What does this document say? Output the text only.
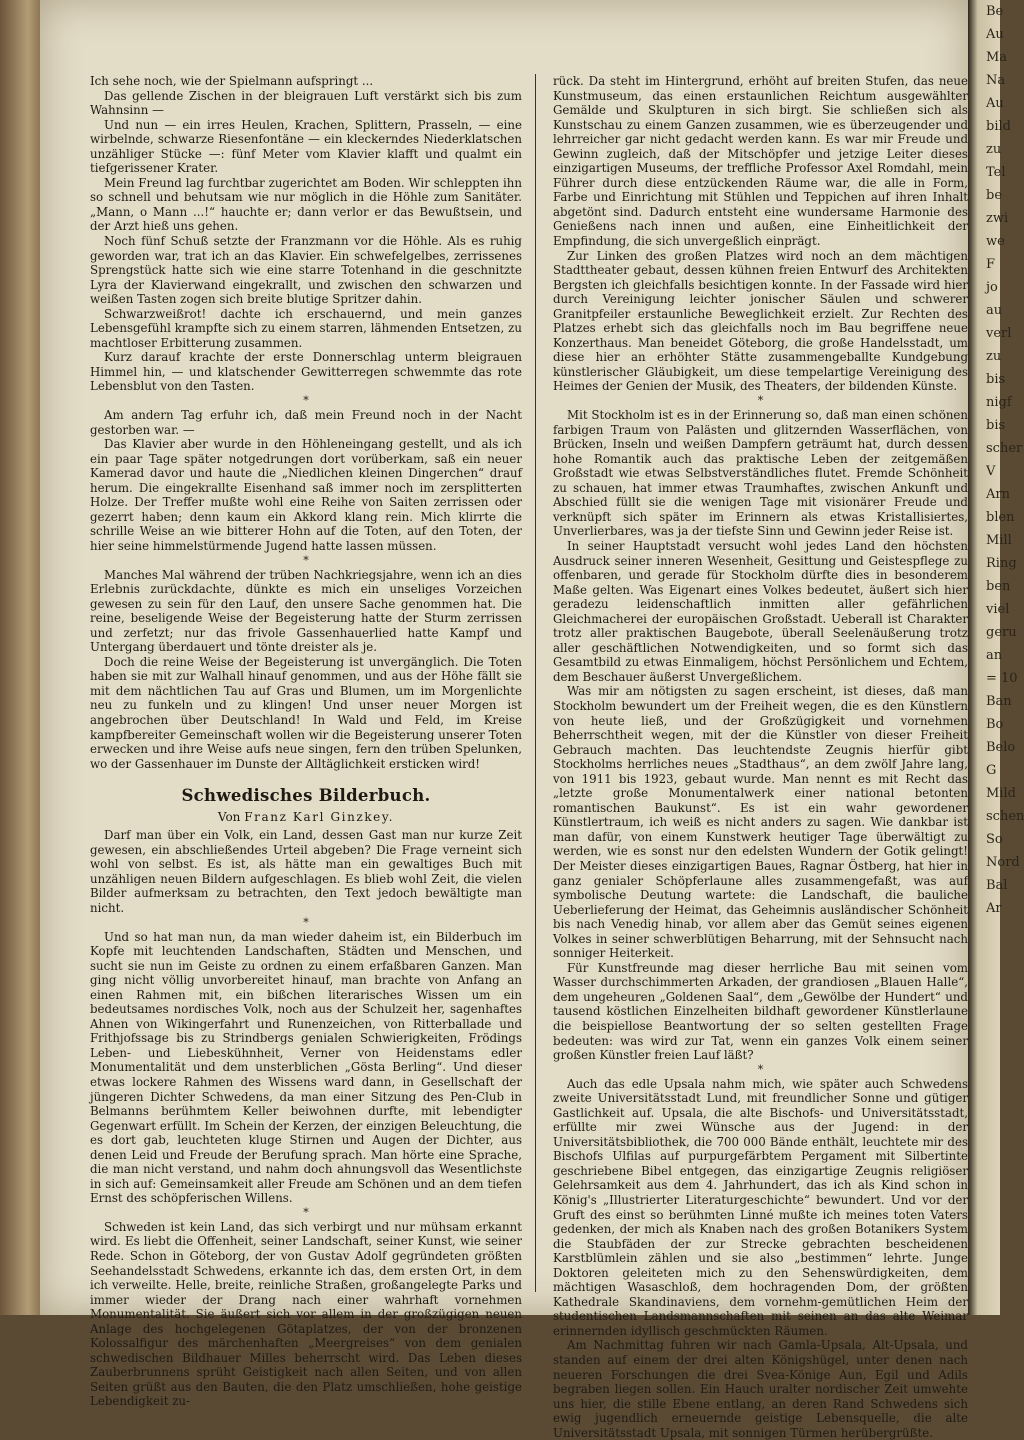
Ich sehe noch, wie der Spielmann aufspringt ...

Das gellende Zischen in der bleigrauen Luft verstärkt sich bis zum Wahnsinn —

Und nun — ein irres Heulen, Krachen, Splittern, Prasseln, — eine wirbelnde, schwarze Riesenfontäne — ein kleckerndes Niederklatschen unzähliger Stücke —: fünf Meter vom Klavier klafft und qualmt ein tiefgerissener Krater.

Mein Freund lag furchtbar zugerichtet am Boden. Wir schleppten ihn so schnell und behutsam wie nur möglich in die Höhle zum Sanitäter. „Mann, o Mann ...!“ hauchte er; dann verlor er das Bewußtsein, und der Arzt hieß uns gehen.

Noch fünf Schuß setzte der Franzmann vor die Höhle. Als es ruhig geworden war, trat ich an das Klavier. Ein schwefelgelbes, zerrissenes Sprengstück hatte sich wie eine starre Totenhand in die geschnitzte Lyra der Klavierwand eingekrallt, und zwischen den schwarzen und weißen Tasten zogen sich breite blutige Spritzer dahin.

Schwarzweißrot! dachte ich erschauernd, und mein ganzes Lebensgefühl krampfte sich zu einem starren, lähmenden Entsetzen, zu machtloser Erbitterung zusammen.

Kurz darauf krachte der erste Donnerschlag unterm bleigrauen Himmel hin, — und klatschender Gewitterregen schwemmte das rote Lebensblut von den Tasten.

*

Am andern Tag erfuhr ich, daß mein Freund noch in der Nacht gestorben war. —

Das Klavier aber wurde in den Höhleneingang gestellt, und als ich ein paar Tage später notgedrungen dort vorüberkam, saß ein neuer Kamerad davor und haute die „Niedlichen kleinen Dingerchen“ drauf herum. Die eingekrallte Eisenhand saß immer noch im zersplitterten Holze. Der Treffer mußte wohl eine Reihe von Saiten zerrissen oder gezerrt haben; denn kaum ein Akkord klang rein. Mich klirrte die schrille Weise an wie bitterer Hohn auf die Toten, auf den Toten, der hier seine himmelstürmende Jugend hatte lassen müssen.

*

Manches Mal während der trüben Nachkriegsjahre, wenn ich an dies Erlebnis zurückdachte, dünkte es mich ein unseliges Vorzeichen gewesen zu sein für den Lauf, den unsere Sache genommen hat. Die reine, beseligende Weise der Begeisterung hatte der Sturm zerrissen und zerfetzt; nur das frivole Gassenhauerlied hatte Kampf und Untergang überdauert und tönte dreister als je.

Doch die reine Weise der Begeisterung ist unvergänglich. Die Toten haben sie mit zur Walhall hinauf genommen, und aus der Höhe fällt sie mit dem nächtlichen Tau auf Gras und Blumen, um im Morgenlichte neu zu funkeln und zu klingen! Und unser neuer Morgen ist angebrochen über Deutschland! In Wald und Feld, im Kreise kampfbereiter Gemeinschaft wollen wir die Begeisterung unserer Toten erwecken und ihre Weise aufs neue singen, fern den trüben Spelunken, wo der Gassenhauer im Dunste der Alltäglichkeit ersticken wird!

Schwedisches Bilderbuch.
Von Franz Karl Ginzkey.

Darf man über ein Volk, ein Land, dessen Gast man nur kurze Zeit gewesen, ein abschließendes Urteil abgeben? Die Frage verneint sich wohl von selbst. Es ist, als hätte man ein gewaltiges Buch mit unzähligen neuen Bildern aufgeschlagen. Es blieb wohl Zeit, die vielen Bilder aufmerksam zu betrachten, den Text jedoch bewältigte man nicht.

*

Und so hat man nun, da man wieder daheim ist, ein Bilderbuch im Kopfe mit leuchtenden Landschaften, Städten und Menschen, und sucht sie nun im Geiste zu ordnen zu einem erfaßbaren Ganzen. Man ging nicht völlig unvorbereitet hinauf, man brachte von Anfang an einen Rahmen mit, ein bißchen literarisches Wissen um ein bedeutsames nordisches Volk, noch aus der Schulzeit her, sagenhaftes Ahnen von Wikingerfahrt und Runenzeichen, von Ritterballade und Frithjofssage bis zu Strindbergs genialen Schwierigkeiten, Frödings Leben- und Liebeskühnheit, Verner von Heidenstams edler Monumentalität und dem unsterblichen „Gösta Berling“. Und dieser etwas lockere Rahmen des Wissens ward dann, in Gesellschaft der jüngeren Dichter Schwedens, da man einer Sitzung des Pen-Club in Belmanns berühmtem Keller beiwohnen durfte, mit lebendigter Gegenwart erfüllt. Im Schein der Kerzen, der einzigen Beleuchtung, die es dort gab, leuchteten kluge Stirnen und Augen der Dichter, aus denen Leid und Freude der Berufung sprach. Man hörte eine Sprache, die man nicht verstand, und nahm doch ahnungsvoll das Wesentlichste in sich auf: Gemeinsamkeit aller Freude am Schönen und an dem tiefen Ernst des schöpferischen Willens.

*

Schweden ist kein Land, das sich verbirgt und nur mühsam erkannt wird. Es liebt die Offenheit, seiner Landschaft, seiner Kunst, wie seiner Rede. Schon in Göteborg, der von Gustav Adolf gegründeten größten Seehandelsstadt Schwedens, erkannte ich das, dem ersten Ort, in dem ich verweilte. Helle, breite, reinliche Straßen, großangelegte Parks und immer wieder der Drang nach einer wahrhaft vornehmen Monumentalität. Sie äußert sich vor allem in der großzügigen neuen Anlage des hochgelegenen Götaplatzes, der von der bronzenen Kolossalfigur des märchenhaften „Meergreises“ von dem genialen schwedischen Bildhauer Milles beherrscht wird. Das Leben dieses Zauberbrunnens sprüht Geistigkeit nach allen Seiten, und von allen Seiten grüßt aus den Bauten, die den Platz umschließen, hohe geistige Lebendigkeit zu-

rück. Da steht im Hintergrund, erhöht auf breiten Stufen, das neue Kunstmuseum, das einen erstaunlichen Reichtum ausgewählter Gemälde und Skulpturen in sich birgt. Sie schließen sich als Kunstschau zu einem Ganzen zusammen, wie es überzeugender und lehrreicher gar nicht gedacht werden kann. Es war mir Freude und Gewinn zugleich, daß der Mitschöpfer und jetzige Leiter dieses einzigartigen Museums, der treffliche Professor Axel Romdahl, mein Führer durch diese entzückenden Räume war, die alle in Form, Farbe und Einrichtung mit Stühlen und Teppichen auf ihren Inhalt abgetönt sind. Dadurch entsteht eine wundersame Harmonie des Genießens nach innen und außen, eine Einheitlichkeit der Empfindung, die sich unvergeßlich einprägt.

Zur Linken des großen Platzes wird noch an dem mächtigen Stadttheater gebaut, dessen kühnen freien Entwurf des Architekten Bergsten ich gleichfalls besichtigen konnte. In der Fassade wird hier durch Vereinigung leichter jonischer Säulen und schwerer Granitpfeiler erstaunliche Beweglichkeit erzielt. Zur Rechten des Platzes erhebt sich das gleichfalls noch im Bau begriffene neue Konzerthaus. Man beneidet Göteborg, die große Handelsstadt, um diese hier an erhöhter Stätte zusammengeballte Kundgebung künstlerischer Gläubigkeit, um diese tempelartige Vereinigung des Heimes der Genien der Musik, des Theaters, der bildenden Künste.

*

Mit Stockholm ist es in der Erinnerung so, daß man einen schönen farbigen Traum von Palästen und glitzernden Wasserflächen, von Brücken, Inseln und weißen Dampfern geträumt hat, durch dessen hohe Romantik auch das praktische Leben der zeitgemäßen Großstadt wie etwas Selbstverständliches flutet. Fremde Schönheit zu schauen, hat immer etwas Traumhaftes, zwischen Ankunft und Abschied füllt sie die wenigen Tage mit visionärer Freude und verknüpft sich später im Erinnern als etwas Kristallisiertes, Unverlierbares, was ja der tiefste Sinn und Gewinn jeder Reise ist.

In seiner Hauptstadt versucht wohl jedes Land den höchsten Ausdruck seiner inneren Wesenheit, Gesittung und Geistespflege zu offenbaren, und gerade für Stockholm dürfte dies in besonderem Maße gelten. Was Eigenart eines Volkes bedeutet, äußert sich hier geradezu leidenschaftlich inmitten aller gefährlichen Gleichmacherei der europäischen Großstadt. Ueberall ist Charakter trotz aller praktischen Baugebote, überall Seelenäußerung trotz aller geschäftlichen Notwendigkeiten, und so formt sich das Gesamtbild zu etwas Einmaligem, höchst Persönlichem und Echtem, dem Beschauer äußerst Unvergeßlichem.

Was mir am nötigsten zu sagen erscheint, ist dieses, daß man Stockholm bewundert um der Freiheit wegen, die es den Künstlern von heute ließ, und der Großzügigkeit und vornehmen Beherrschtheit wegen, mit der die Künstler von dieser Freiheit Gebrauch machten. Das leuchtendste Zeugnis hierfür gibt Stockholms herrliches neues „Stadthaus“, an dem zwölf Jahre lang, von 1911 bis 1923, gebaut wurde. Man nennt es mit Recht das „letzte große Monumentalwerk einer national betonten romantischen Baukunst“. Es ist ein wahr gewordener Künstlertraum, ich weiß es nicht anders zu sagen. Wie dankbar ist man dafür, von einem Kunstwerk heutiger Tage überwältigt zu werden, wie es sonst nur den edelsten Wundern der Gotik gelingt! Der Meister dieses einzigartigen Baues, Ragnar Östberg, hat hier in ganz genialer Schöpferlaune alles zusammengefaßt, was auf symbolische Deutung wartete: die Landschaft, die bauliche Ueberlieferung der Heimat, das Geheimnis ausländischer Schönheit bis nach Venedig hinab, vor allem aber das Gemüt seines eigenen Volkes in seiner schwerblütigen Beharrung, mit der Sehnsucht nach sonniger Heiterkeit.

Für Kunstfreunde mag dieser herrliche Bau mit seinen vom Wasser durchschimmerten Arkaden, der grandiosen „Blauen Halle“, dem ungeheuren „Goldenen Saal“, dem „Gewölbe der Hundert“ und tausend köstlichen Einzelheiten bildhaft gewordener Künstlerlaune die beispiellose Beantwortung der so selten gestellten Frage bedeuten: was wird zur Tat, wenn ein ganzes Volk einem seiner großen Künstler freien Lauf läßt?

*

Auch das edle Upsala nahm mich, wie später auch Schwedens zweite Universitätsstadt Lund, mit freundlicher Sonne und gütiger Gastlichkeit auf. Upsala, die alte Bischofs- und Universitätsstadt, erfüllte mir zwei Wünsche aus der Jugend: in der Universitätsbibliothek, die 700 000 Bände enthält, leuchtete mir des Bischofs Ulfilas auf purpurgefärbtem Pergament mit Silbertinte geschriebene Bibel entgegen, das einzigartige Zeugnis religiöser Gelehrsamkeit aus dem 4. Jahrhundert, das ich als Kind schon in König's „Illustrierter Literaturgeschichte“ bewundert. Und vor der Gruft des einst so berühmten Linné mußte ich meines toten Vaters gedenken, der mich als Knaben nach des großen Botanikers System die Staubfäden der zur Strecke gebrachten bescheidenen Karstblümlein zählen und sie also „bestimmen“ lehrte. Junge Doktoren geleiteten mich zu den Sehenswürdigkeiten, dem mächtigen Wasaschloß, dem hochragenden Dom, der größten Kathedrale Skandinaviens, dem vornehm-gemütlichen Heim der studentischen Landsmannschaften mit seinen an das alte Weimar erinnernden idyllisch geschmückten Räumen.

Am Nachmittag fuhren wir nach Gamla-Upsala, Alt-Upsala, und standen auf einem der drei alten Königshügel, unter denen nach neueren Forschungen die drei Svea-Könige Aun, Egil und Adils begraben liegen sollen. Ein Hauch uralter nordischer Zeit umwehte uns hier, die stille Ebene entlang, an deren Rand Schwedens sich ewig jugendlich erneuernde geistige Lebensquelle, die alte Universitätsstadt Upsala, mit sonnigen Türmen herübergrüßte.

Be
Au
Ma
Na
Au
bild
zu
Tel
be
zwi
we
F
jo
au
verl
zu
bis
nigf
bis
scher
V
Arn
blen
Mill
Ring
ben
viel
geru
an
= 10
Ban
Bo
Belo
G
Mild
schen
So
Nord
Bal
Ar
